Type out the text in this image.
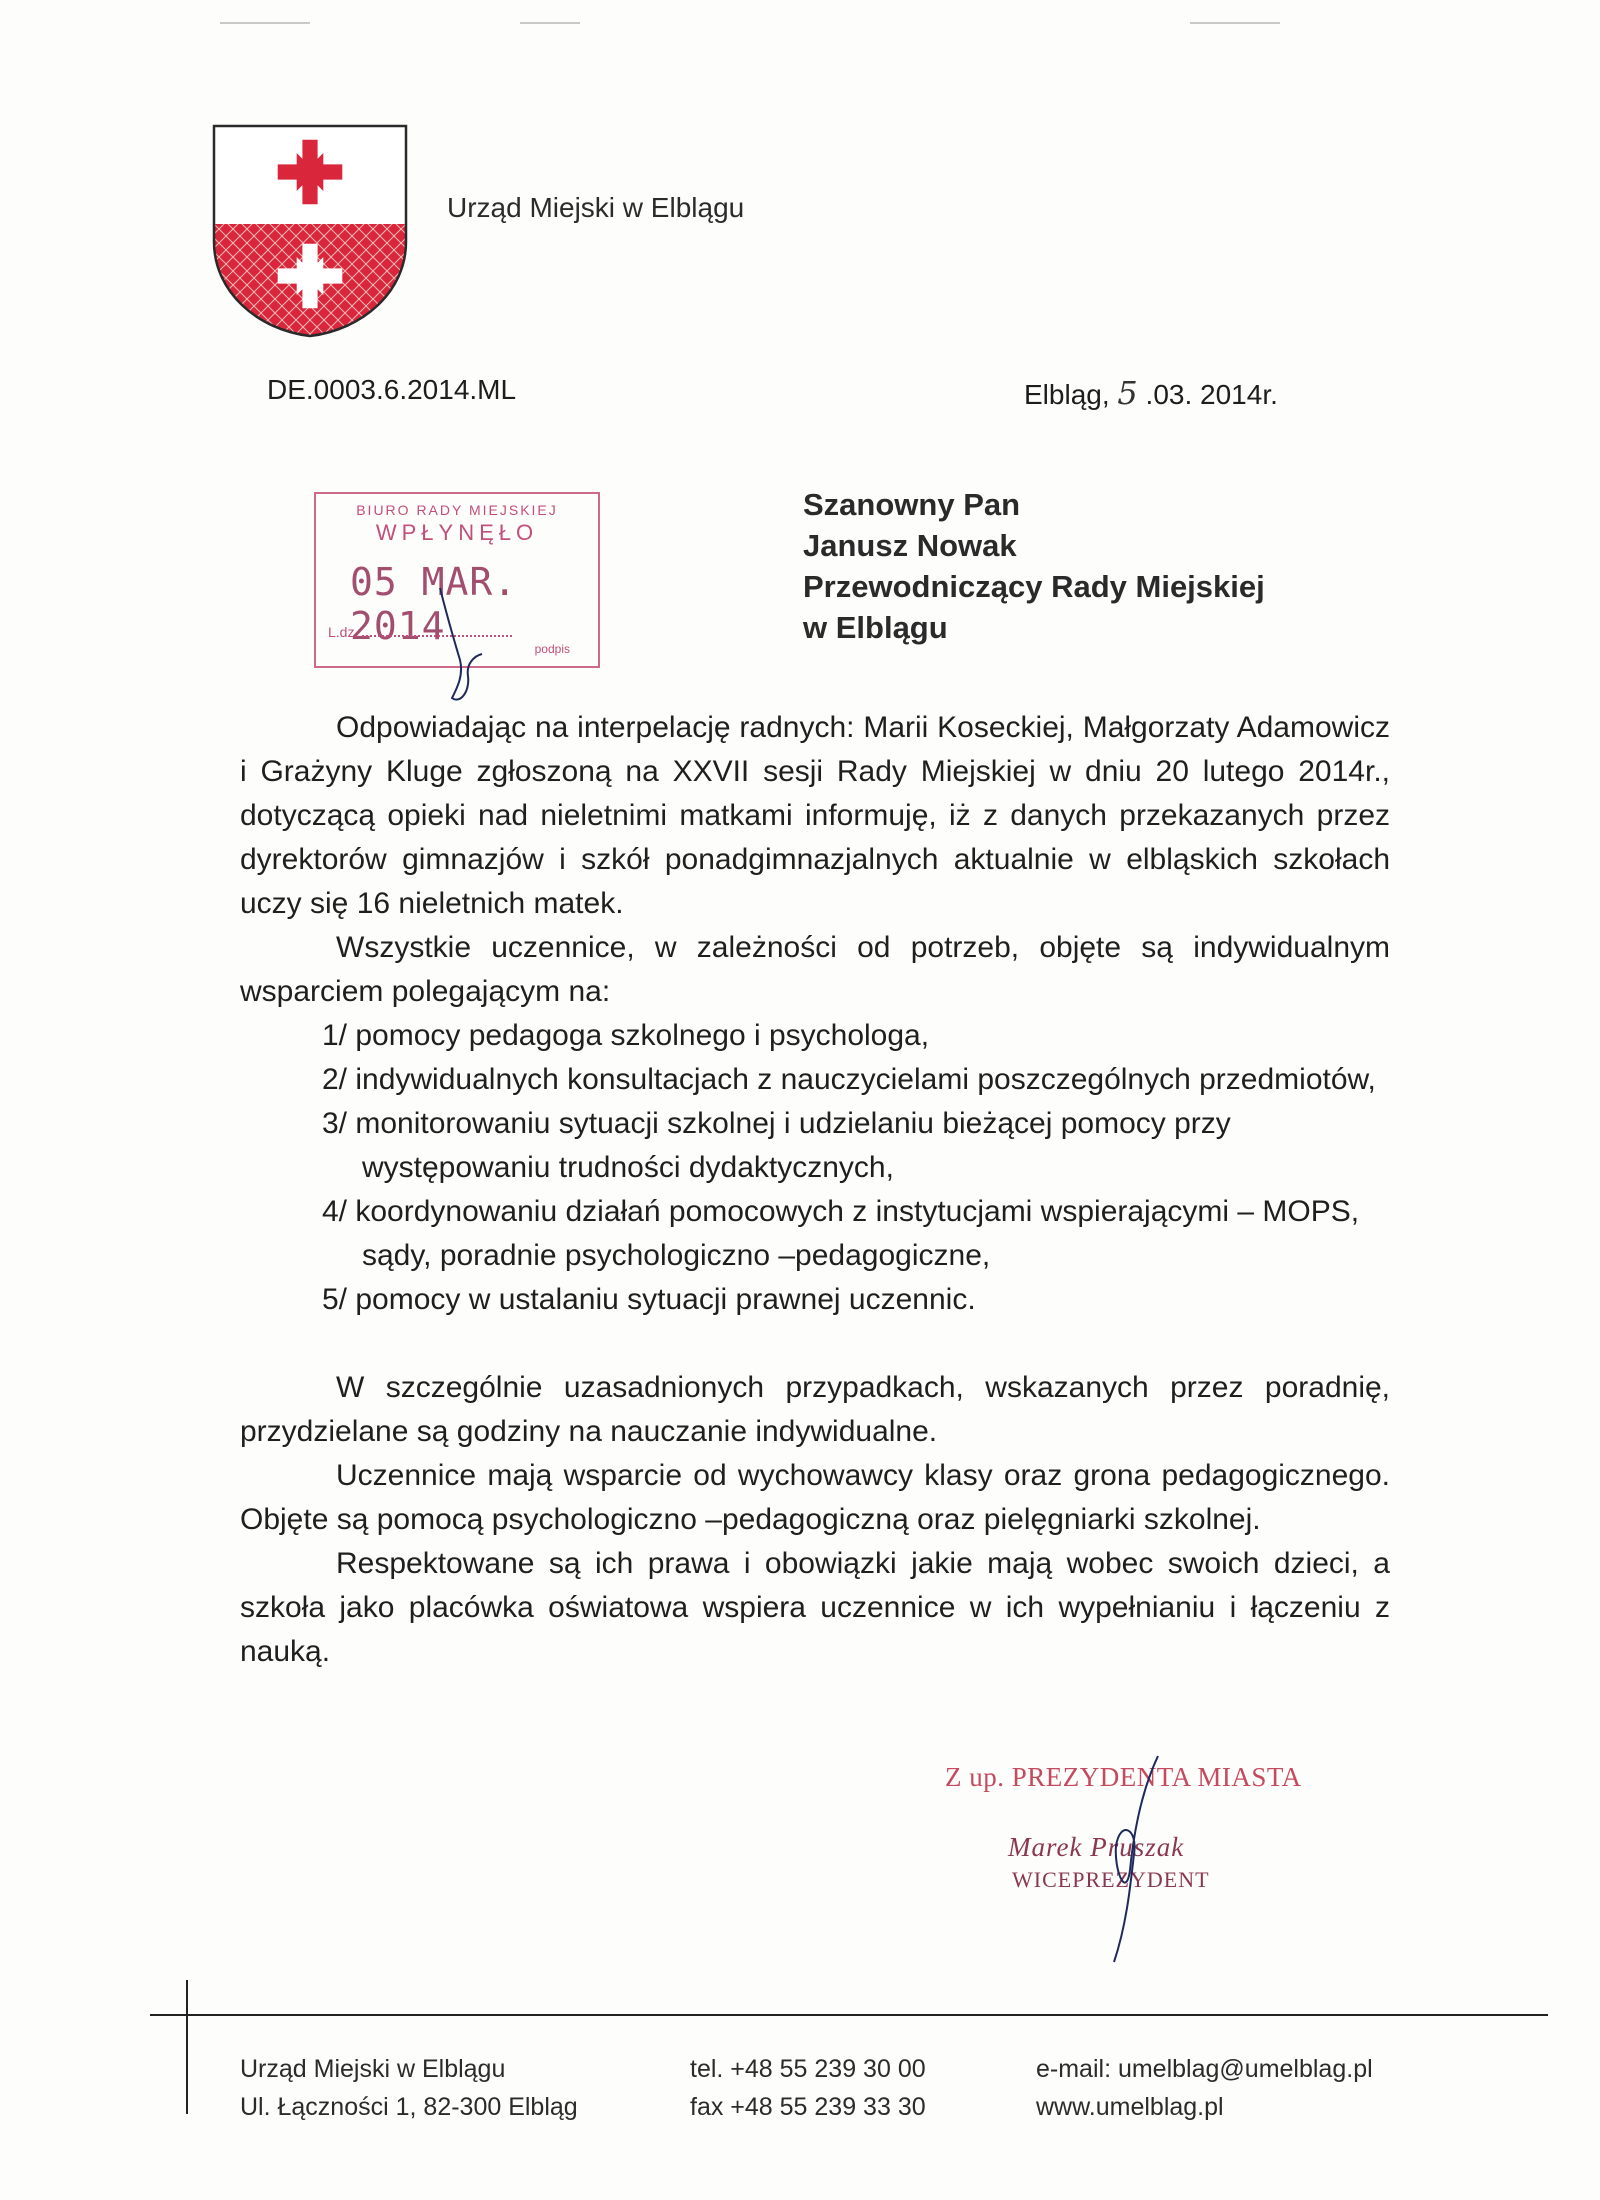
Urząd Miejski w Elblągu
DE.0003.6.2014.ML	Elbląg, 5 .03. 2014r.
BIURO RADY MIEJSKIEJ
WPŁYNĘŁO
05 MAR. 2014
L.dz.
podpis
Szanowny Pan
Janusz Nowak
Przewodniczący Rady Miejskiej
w Elblągu

Odpowiadając na interpelację radnych: Marii Koseckiej, Małgorzaty Adamowicz i Grażyny Kluge zgłoszoną na XXVII sesji Rady Miejskiej w dniu 20 lutego 2014r., dotyczącą opieki nad nieletnimi matkami informuję, iż z danych przekazanych przez dyrektorów gimnazjów i szkół ponadgimnazjalnych aktualnie w elbląskich szkołach uczy się 16 nieletnich matek.

Wszystkie uczennice, w zależności od potrzeb, objęte są indywidualnym wsparciem polegającym na:

1/ pomocy pedagoga szkolnego i psychologa,
2/ indywidualnych konsultacjach z nauczycielami poszczególnych przedmiotów,
3/ monitorowaniu sytuacji szkolnej i udzielaniu bieżącej pomocy przy
występowaniu trudności dydaktycznych,
4/ koordynowaniu działań pomocowych z instytucjami wspierającymi – MOPS,
sądy, poradnie psychologiczno –pedagogiczne,
5/ pomocy w ustalaniu sytuacji prawnej uczennic.

W szczególnie uzasadnionych przypadkach, wskazanych przez poradnię, przydzielane są godziny na nauczanie indywidualne.

Uczennice mają wsparcie od wychowawcy klasy oraz grona pedagogicznego. Objęte są pomocą psychologiczno –pedagogiczną oraz pielęgniarki szkolnej.

Respektowane są ich prawa i obowiązki jakie mają wobec swoich dzieci, a szkoła jako placówka oświatowa wspiera uczennice w ich wypełnianiu i łączeniu z nauką.

Z up. PREZYDENTA MIASTA
Marek Pruszak
WICEPREZYDENT
Urząd Miejski w Elblągu
Ul. Łączności 1, 82-300 Elbląg
tel. +48 55 239 30 00
fax +48 55 239 33 30
e-mail: umelblag@umelblag.pl
www.umelblag.pl
